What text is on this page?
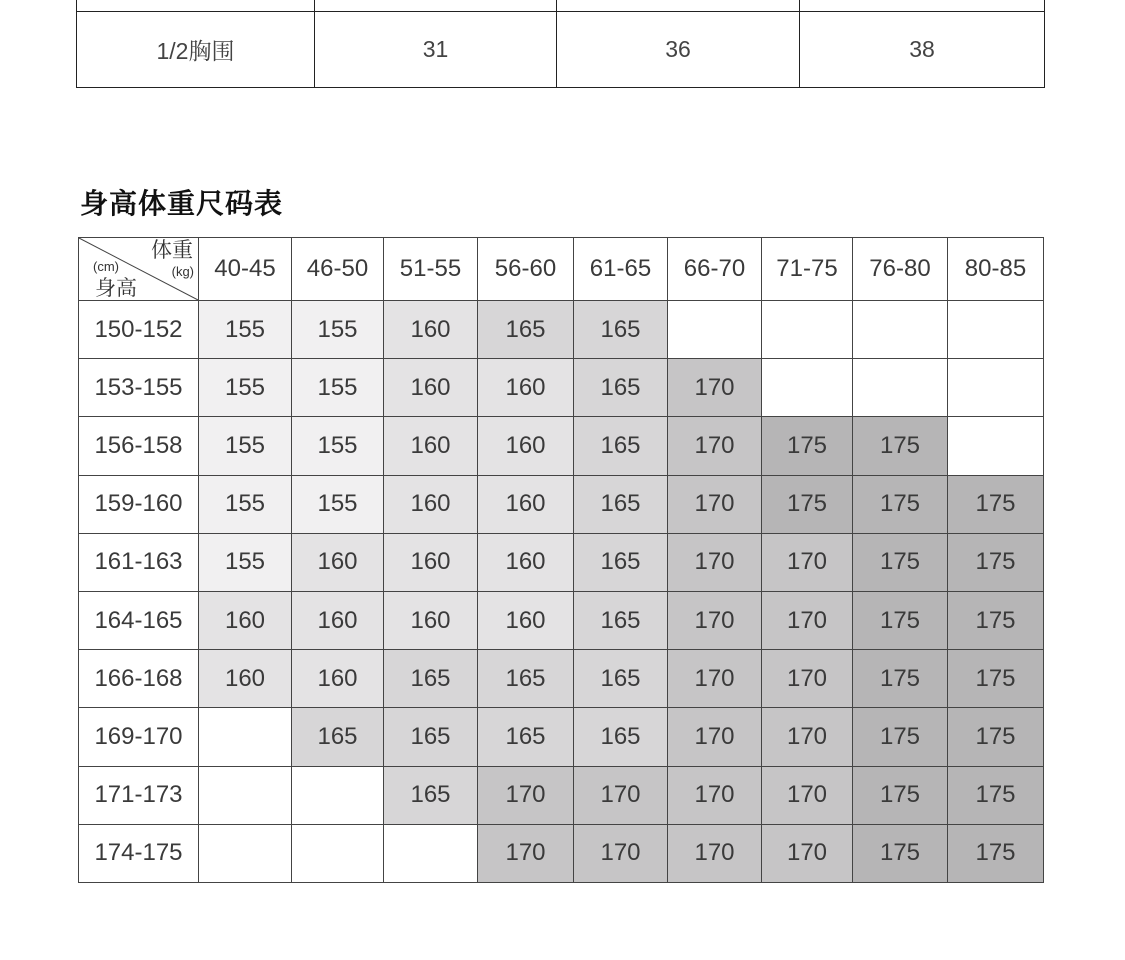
1/2胸围	31	36	38
身高体重尺码表
体重
(kg)
(cm)
身高	40-45	46-50	51-55	56-60	61-65	66-70	71-75	76-80	80-85
150-152	155	155	160	165	165				
153-155	155	155	160	160	165	170			
156-158	155	155	160	160	165	170	175	175	
159-160	155	155	160	160	165	170	175	175	175
161-163	155	160	160	160	165	170	170	175	175
164-165	160	160	160	160	165	170	170	175	175
166-168	160	160	165	165	165	170	170	175	175
169-170		165	165	165	165	170	170	175	175
171-173			165	170	170	170	170	175	175
174-175				170	170	170	170	175	175
